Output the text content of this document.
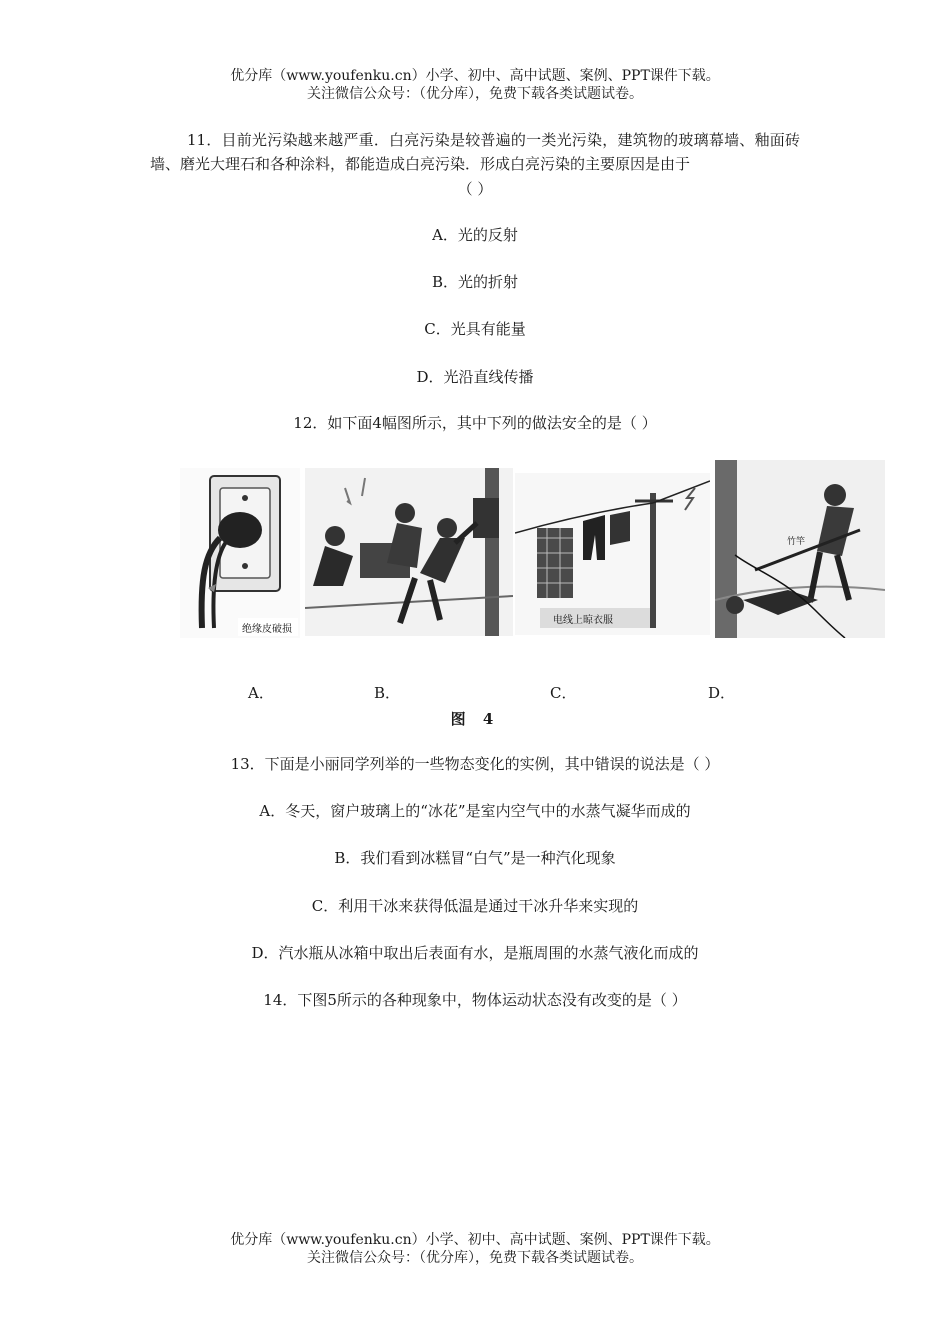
优分库（www.youfenku.cn）小学、初中、高中试题、案例、PPT课件下载。
关注微信公众号：（优分库），免费下载各类试题试卷。
11．目前光污染越来越严重．白亮污染是较普遍的一类光污染，建筑物的玻璃幕墙、釉面砖墙、磨光大理石和各种涂料，都能造成白亮污染．形成白亮污染的主要原因是由于
（ ）
A．光的反射
B．光的折射
C．光具有能量
D．光沿直线传播
12．如下面4幅图所示，其中下列的做法安全的是（ ）
绝缘皮破损
电线上晾衣服
竹竿
A．	B．	C．	D．
图 4
13．下面是小丽同学列举的一些物态变化的实例，其中错误的说法是（ ）
A．冬天，窗户玻璃上的“冰花”是室内空气中的水蒸气凝华而成的
B．我们看到冰糕冒“白气”是一种汽化现象
C．利用干冰来获得低温是通过干冰升华来实现的
D．汽水瓶从冰箱中取出后表面有水，是瓶周围的水蒸气液化而成的
14．下图5所示的各种现象中，物体运动状态没有改变的是（ ）
优分库（www.youfenku.cn）小学、初中、高中试题、案例、PPT课件下载。
关注微信公众号：（优分库），免费下载各类试题试卷。
